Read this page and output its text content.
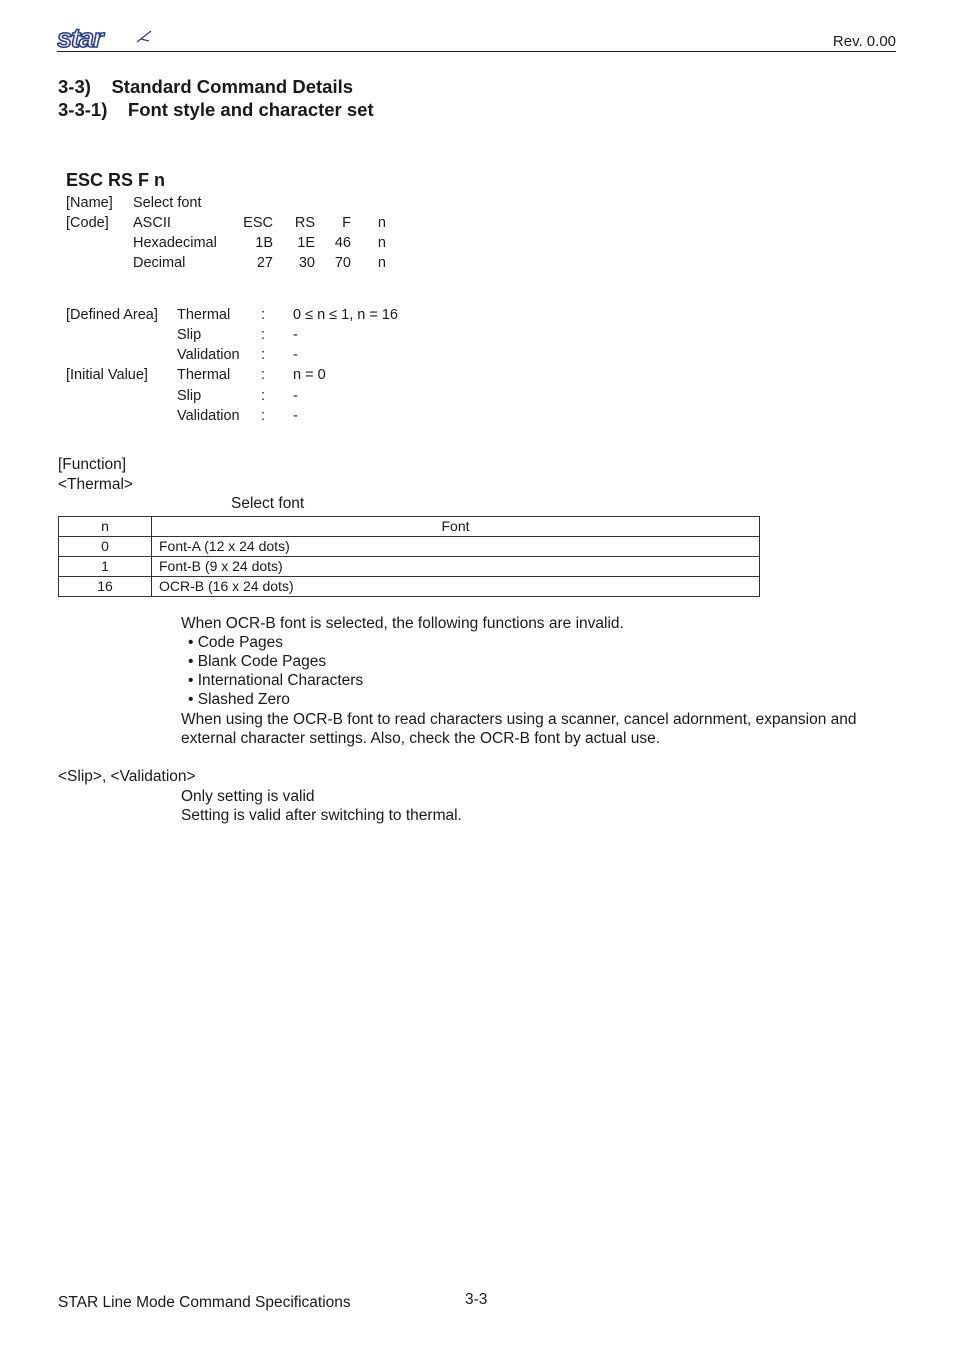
star	Rev. 0.00
3-3)    Standard Command Details
3-3-1)    Font style and character set
ESC RS F n
[Name] Select font
[Code] ASCII	ESC	RS	F	n
Hexadecimal	1B	1E	46	n
Decimal	27	30	70	n
[Defined Area] Thermal : 0 ≤ n ≤ 1, n = 16
Slip	: -
Validation : -
[Initial Value] Thermal : n = 0
Slip	: -
Validation : -
[Function]
<Thermal>
Select font
n	Font
0	Font-A (12 x 24 dots)
1	Font-B (9 x 24 dots)
16	OCR-B (16 x 24 dots)
When OCR-B font is selected, the following functions are invalid.
• Code Pages
• Blank Code Pages
• International Characters
• Slashed Zero
When using the OCR-B font to read characters using a scanner, cancel adornment, expansion and
external character settings. Also, check the OCR-B font by actual use.
<Slip>, <Validation>
Only setting is valid
Setting is valid after switching to thermal.
STAR Line Mode Command Specifications	3-3
